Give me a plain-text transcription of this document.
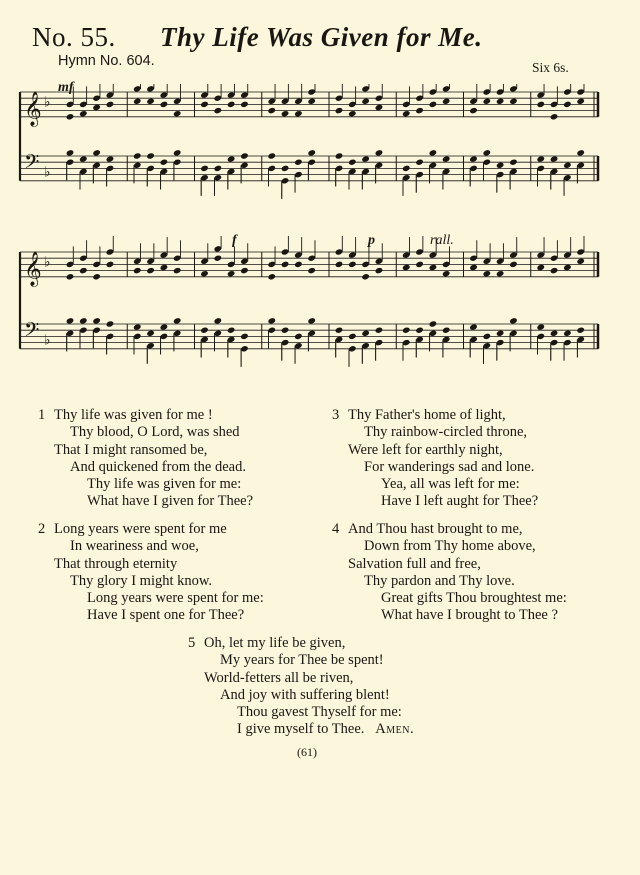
No. 55. Thy Life Was Given for Me.
Hymn No. 604.	Six 6s.
𝄞 ♭
𝄢 ♭
𝄞 ♭
𝄢 ♭
mf
f	p	rall.
1 Thy life was given for me !
Thy blood, O Lord, was shed
That I might ransomed be,
And quickened from the dead.
Thy life was given for me:
What have I given for Thee?
2 Long years were spent for me
In weariness and woe,
That through eternity
Thy glory I might know.
Long years were spent for me:
Have I spent one for Thee?
3 Thy Father's home of light,
Thy rainbow-circled throne,
Were left for earthly night,
For wanderings sad and lone.
Yea, all was left for me:
Have I left aught for Thee?
4 And Thou hast brought to me,
Down from Thy home above,
Salvation full and free,
Thy pardon and Thy love.
Great gifts Thou broughtest me:
What have I brought to Thee ?
5 Oh, let my life be given,
My years for Thee be spent!
World-fetters all be riven,
And joy with suffering blent!
Thou gavest Thyself for me:
I give myself to Thee. Amen.
(61)
